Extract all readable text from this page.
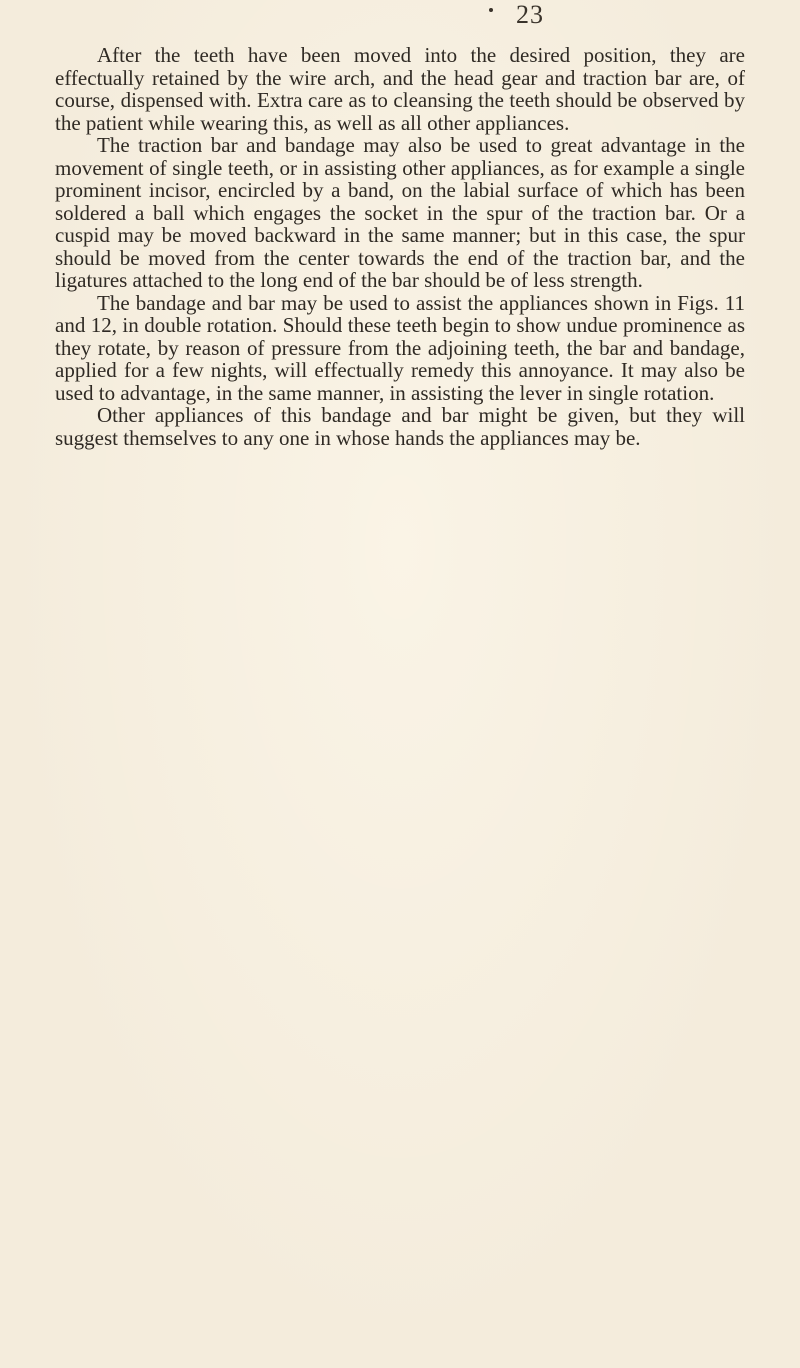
23

After the teeth have been moved into the desired position, they are effectually retained by the wire arch, and the head gear and traction bar are, of course, dispensed with. Extra care as to cleansing the teeth should be observed by the patient while wearing this, as well as all other appliances.

The traction bar and bandage may also be used to great advantage in the movement of single teeth, or in assisting other appliances, as for example a single prominent incisor, encircled by a band, on the labial surface of which has been soldered a ball which engages the socket in the spur of the traction bar. Or a cuspid may be moved backward in the same manner; but in this case, the spur should be moved from the center towards the end of the traction bar, and the ligatures attached to the long end of the bar should be of less strength.

The bandage and bar may be used to assist the appliances shown in Figs. 11 and 12, in double rotation. Should these teeth begin to show undue prominence as they rotate, by reason of pressure from the adjoining teeth, the bar and bandage, applied for a few nights, will effectually remedy this annoyance. It may also be used to advantage, in the same manner, in assisting the lever in single rotation.

Other appliances of this bandage and bar might be given, but they will suggest themselves to any one in whose hands the appliances may be.
